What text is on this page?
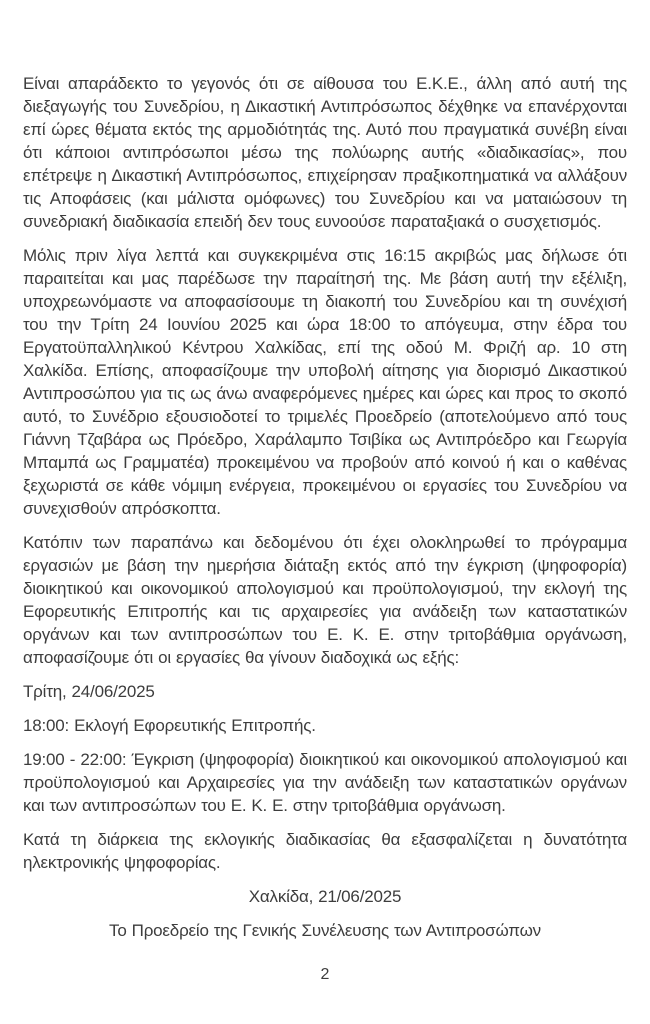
Είναι απαράδεκτο το γεγονός ότι σε αίθουσα του Ε.Κ.Ε., άλλη από αυτή της διεξαγωγής του Συνεδρίου, η Δικαστική Αντιπρόσωπος δέχθηκε να επανέρχονται επί ώρες θέματα εκτός της αρμοδιότητάς της. Αυτό που πραγματικά συνέβη είναι ότι κάποιοι αντιπρόσωποι μέσω της πολύωρης αυτής «διαδικασίας», που επέτρεψε η Δικαστική Αντιπρόσωπος, επιχείρησαν πραξικοπηματικά να αλλάξουν τις Αποφάσεις (και μάλιστα ομόφωνες) του Συνεδρίου και να ματαιώσουν τη συνεδριακή διαδικασία επειδή δεν τους ευνοούσε παραταξιακά ο συσχετισμός.

Μόλις πριν λίγα λεπτά και συγκεκριμένα στις 16:15 ακριβώς μας δήλωσε ότι παραιτείται και μας παρέδωσε την παραίτησή της. Με βάση αυτή την εξέλιξη, υποχρεωνόμαστε να αποφασίσουμε τη διακοπή του Συνεδρίου και τη συνέχισή του την Τρίτη 24 Ιουνίου 2025 και ώρα 18:00 το απόγευμα, στην έδρα του Εργατοϋπαλληλικού Κέντρου Χαλκίδας, επί της οδού Μ. Φριζή αρ. 10 στη Χαλκίδα. Επίσης, αποφασίζουμε την υποβολή αίτησης για διορισμό Δικαστικού Αντιπροσώπου για τις ως άνω αναφερόμενες ημέρες και ώρες και προς το σκοπό αυτό, το Συνέδριο εξουσιοδοτεί το τριμελές Προεδρείο (αποτελούμενο από τους Γιάννη Τζαβάρα ως Πρόεδρο, Χαράλαμπο Τσιβίκα ως Αντιπρόεδρο και Γεωργία Μπαμπά ως Γραμματέα) προκειμένου να προβούν από κοινού ή και ο καθένας ξεχωριστά σε κάθε νόμιμη ενέργεια, προκειμένου οι εργασίες του Συνεδρίου να συνεχισθούν απρόσκοπτα.

Κατόπιν των παραπάνω και δεδομένου ότι έχει ολοκληρωθεί το πρόγραμμα εργασιών με βάση την ημερήσια διάταξη εκτός από την έγκριση (ψηφοφορία) διοικητικού και οικονομικού απολογισμού και προϋπολογισμού, την εκλογή της Εφορευτικής Επιτροπής και τις αρχαιρεσίες για ανάδειξη των καταστατικών οργάνων και των αντιπροσώπων του Ε. Κ. Ε. στην τριτοβάθμια οργάνωση, αποφασίζουμε ότι οι εργασίες θα γίνουν διαδοχικά ως εξής:

Τρίτη, 24/06/2025

18:00: Εκλογή Εφορευτικής Επιτροπής.

19:00 - 22:00: Έγκριση (ψηφοφορία) διοικητικού και οικονομικού απολογισμού και προϋπολογισμού και Αρχαιρεσίες για την ανάδειξη των καταστατικών οργάνων και των αντιπροσώπων του Ε. Κ. Ε. στην τριτοβάθμια οργάνωση.

Κατά τη διάρκεια της εκλογικής διαδικασίας θα εξασφαλίζεται η δυνατότητα ηλεκτρονικής ψηφοφορίας.

Χαλκίδα, 21/06/2025

Το Προεδρείο της Γενικής Συνέλευσης των Αντιπροσώπων

2
